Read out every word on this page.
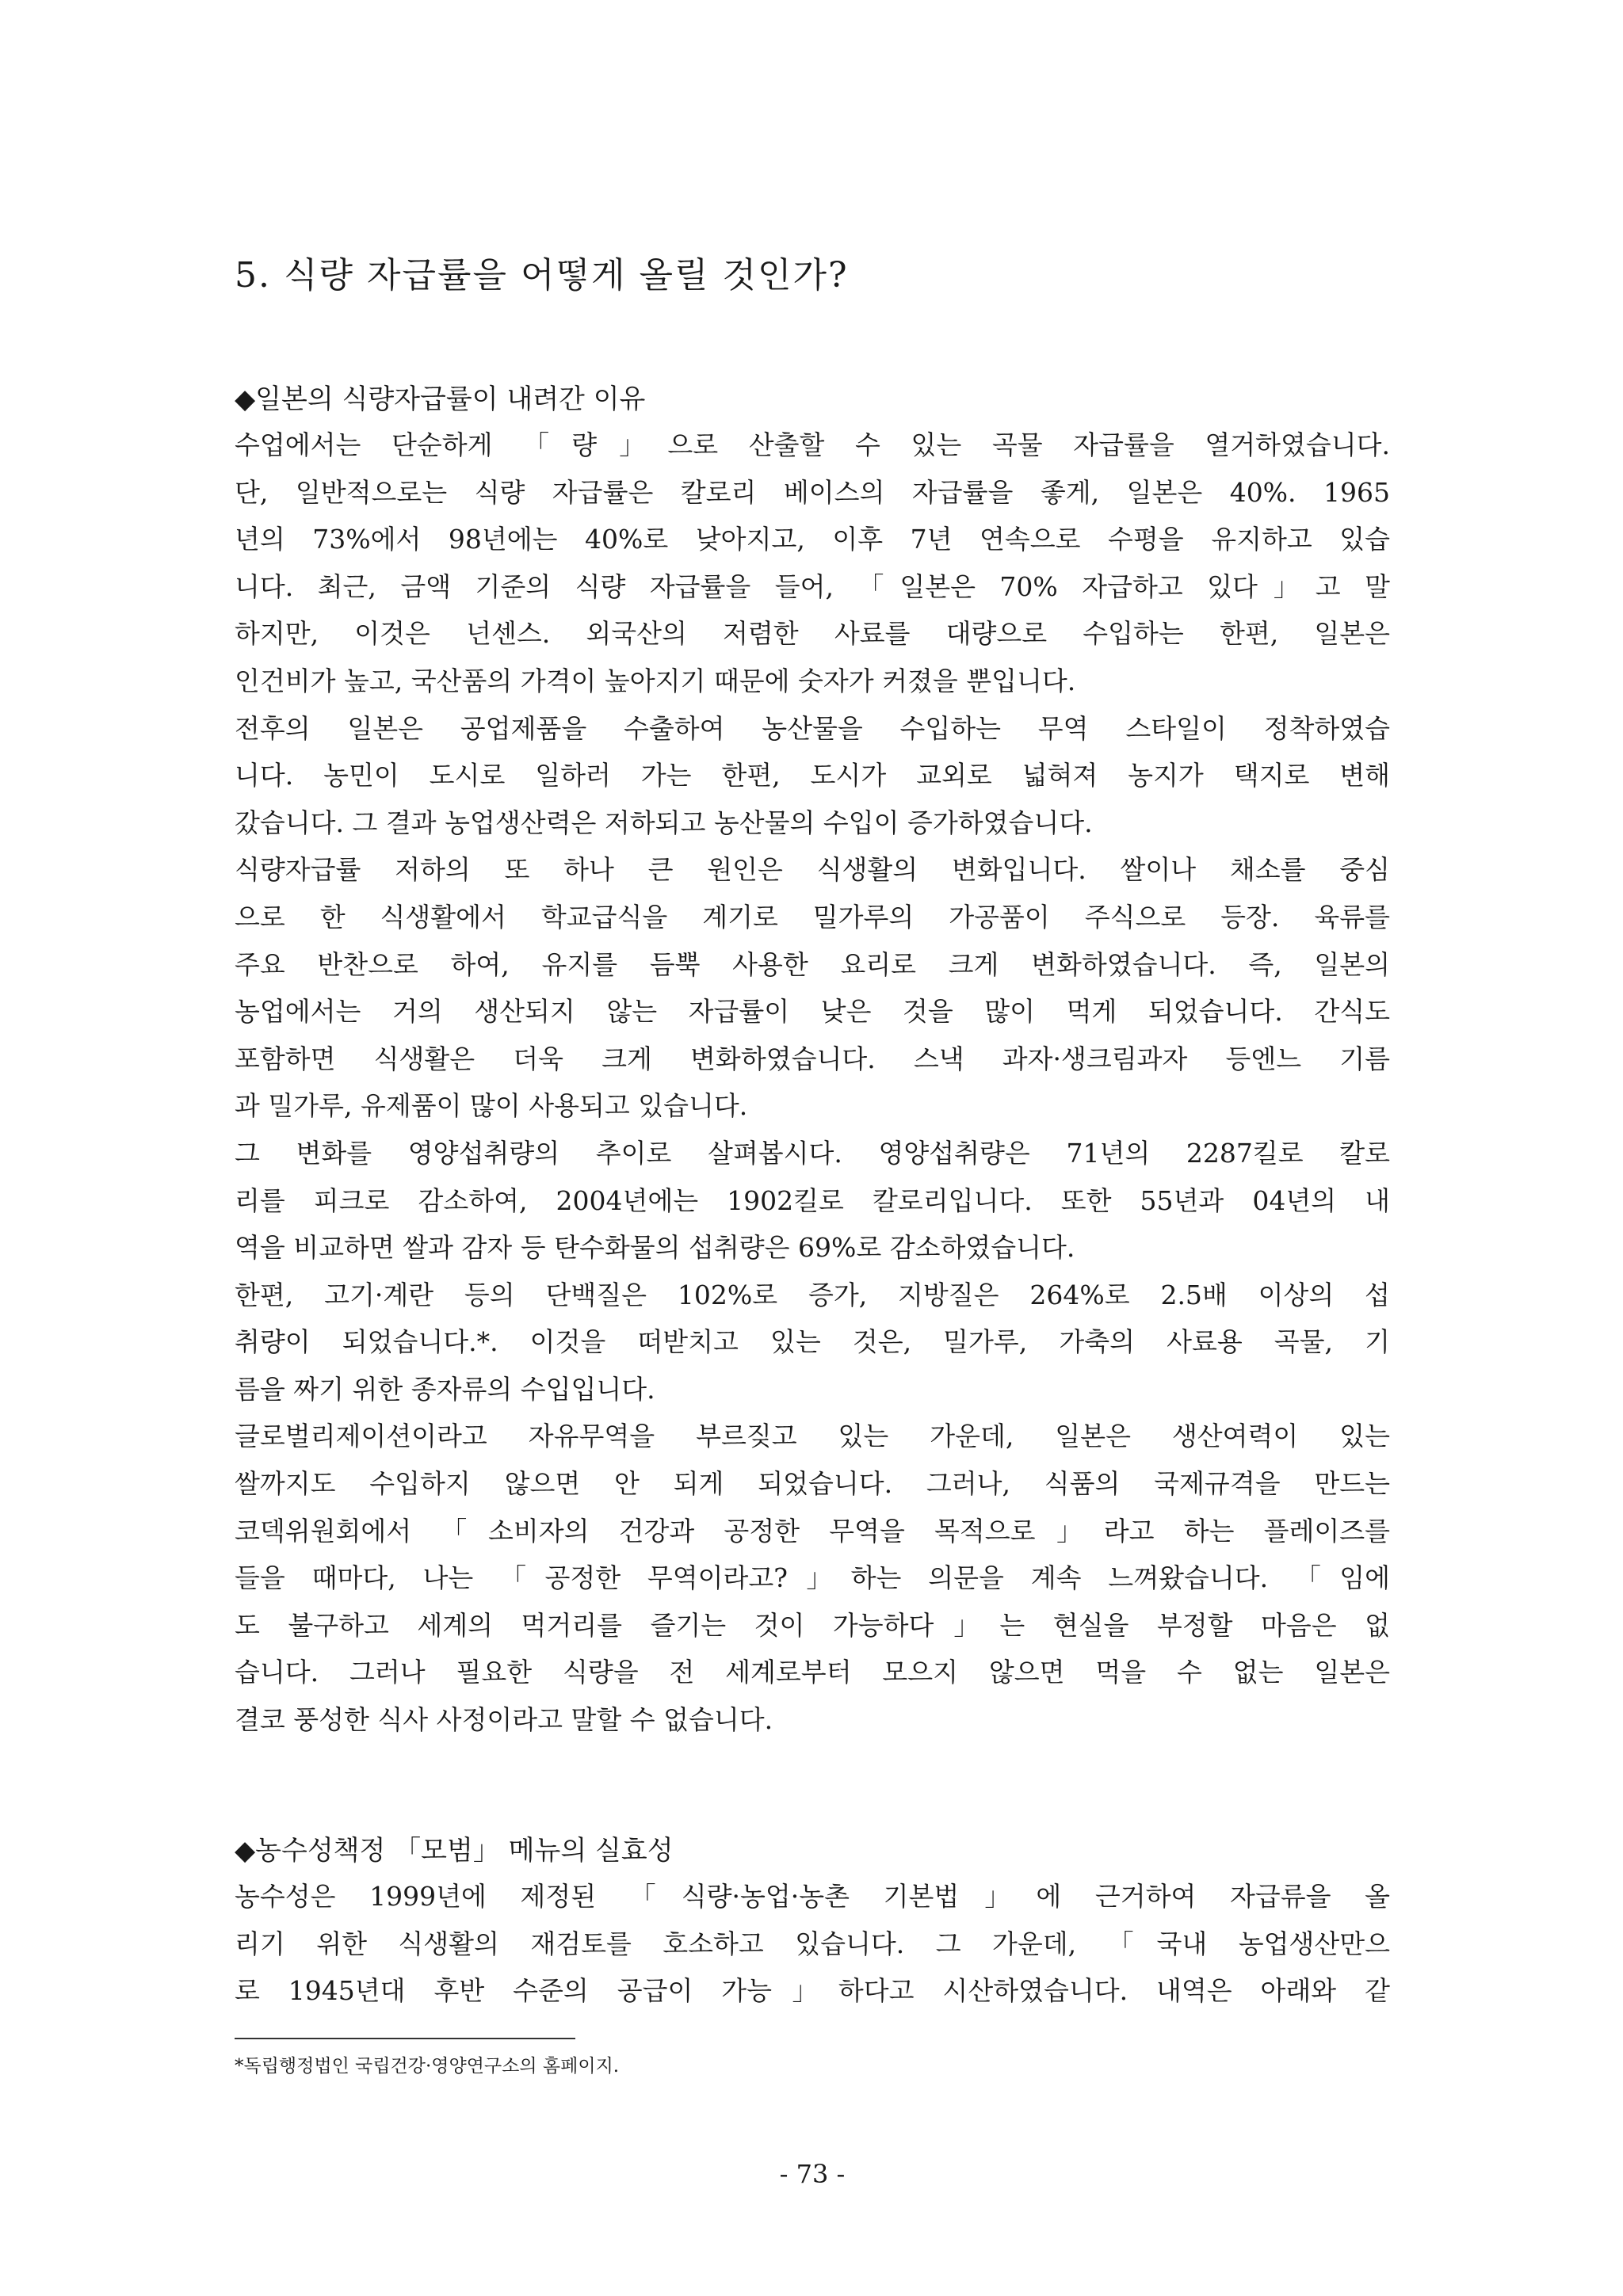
5. 식량 자급률을 어떻게 올릴 것인가?
◆일본의 식량자급률이 내려간 이유
수업에서는 단순하게 「량」으로 산출할 수 있는 곡물 자급률을 열거하였습니다.
단, 일반적으로는 식량 자급률은 칼로리 베이스의 자급률을 좋게, 일본은 40%. 1965
년의 73%에서 98년에는 40%로 낮아지고, 이후 7년 연속으로 수평을 유지하고 있습
니다. 최근, 금액 기준의 식량 자급률을 들어, 「일본은 70% 자급하고 있다」고 말
하지만, 이것은 넌센스. 외국산의 저렴한 사료를 대량으로 수입하는 한편, 일본은
인건비가 높고, 국산품의 가격이 높아지기 때문에 숫자가 커졌을 뿐입니다.
전후의 일본은 공업제품을 수출하여 농산물을 수입하는 무역 스타일이 정착하였습
니다. 농민이 도시로 일하러 가는 한편, 도시가 교외로 넓혀져 농지가 택지로 변해
갔습니다. 그 결과 농업생산력은 저하되고 농산물의 수입이 증가하였습니다.
식량자급률 저하의 또 하나 큰 원인은 식생활의 변화입니다. 쌀이나 채소를 중심
으로 한 식생활에서 학교급식을 계기로 밀가루의 가공품이 주식으로 등장. 육류를
주요 반찬으로 하여, 유지를 듬뿍 사용한 요리로 크게 변화하였습니다. 즉, 일본의
농업에서는 거의 생산되지 않는 자급률이 낮은 것을 많이 먹게 되었습니다. 간식도
포함하면 식생활은 더욱 크게 변화하였습니다. 스낵 과자·생크림과자 등엔느 기름
과 밀가루, 유제품이 많이 사용되고 있습니다.
그 변화를 영양섭취량의 추이로 살펴봅시다. 영양섭취량은 71년의 2287킬로 칼로
리를 피크로 감소하여, 2004년에는 1902킬로 칼로리입니다. 또한 55년과 04년의 내
역을 비교하면 쌀과 감자 등 탄수화물의 섭취량은 69%로 감소하였습니다.
한편, 고기·계란 등의 단백질은 102%로 증가, 지방질은 264%로 2.5배 이상의 섭
취량이 되었습니다.*. 이것을 떠받치고 있는 것은, 밀가루, 가축의 사료용 곡물, 기
름을 짜기 위한 종자류의 수입입니다.
글로벌리제이션이라고 자유무역을 부르짖고 있는 가운데, 일본은 생산여력이 있는
쌀까지도 수입하지 않으면 안 되게 되었습니다. 그러나, 식품의 국제규격을 만드는
코덱위원회에서 「소비자의 건강과 공정한 무역을 목적으로」라고 하는 플레이즈를
들을 때마다, 나는 「공정한 무역이라고?」하는 의문을 계속 느껴왔습니다. 「임에
도 불구하고 세계의 먹거리를 즐기는 것이 가능하다」는 현실을 부정할 마음은 없
습니다. 그러나 필요한 식량을 전 세계로부터 모으지 않으면 먹을 수 없는 일본은
결코 풍성한 식사 사정이라고 말할 수 없습니다.
◆농수성책정 「모범」 메뉴의 실효성
농수성은 1999년에 제정된 「식량·농업·농촌 기본법」에 근거하여 자급류을 올
리기 위한 식생활의 재검토를 호소하고 있습니다. 그 가운데, 「국내 농업생산만으
로 1945년대 후반 수준의 공급이 가능」하다고 시산하였습니다. 내역은 아래와 같
*독립행정법인 국립건강·영양연구소의 홈페이지.
- 73 -
